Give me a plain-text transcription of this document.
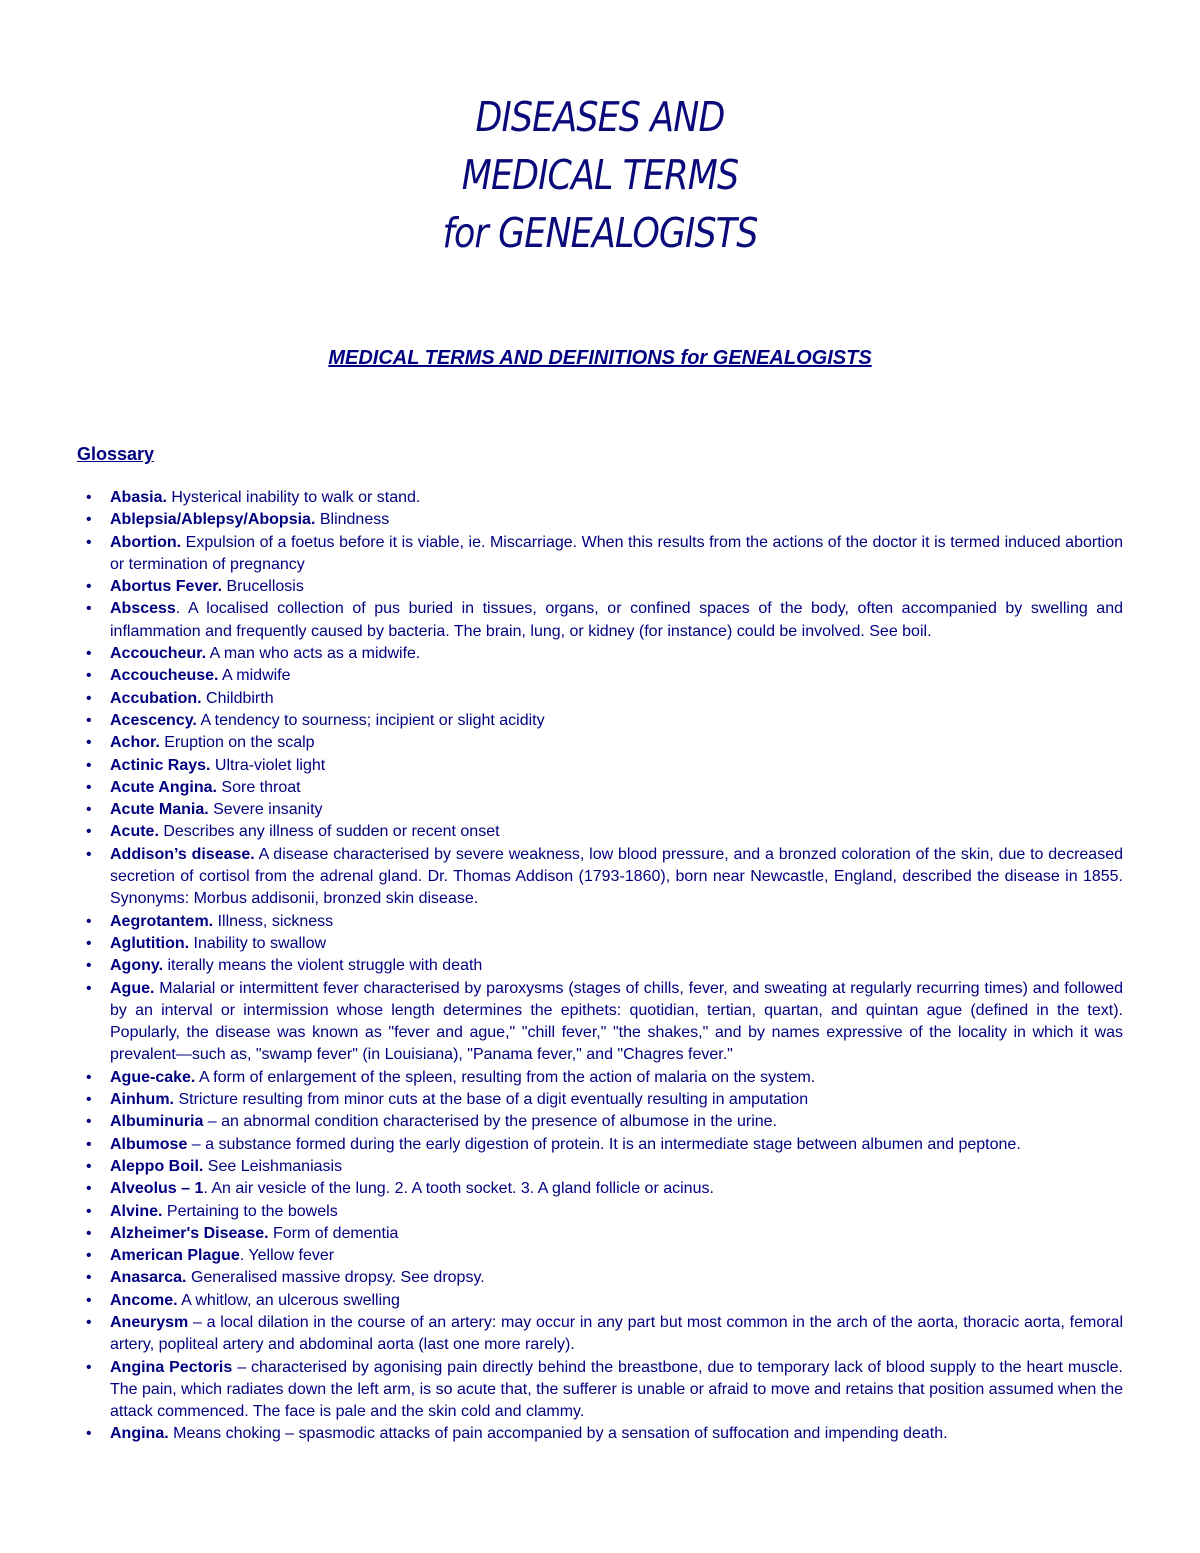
DISEASES AND
MEDICAL TERMS
for GENEALOGISTS
MEDICAL TERMS AND DEFINITIONS for GENEALOGISTS
Glossary
• Abasia. Hysterical inability to walk or stand.
• Ablepsia/Ablepsy/Abopsia. Blindness
• Abortion. Expulsion of a foetus before it is viable, ie. Miscarriage. When this results from the actions of the doctor it is termed induced abortion or termination of pregnancy
• Abortus Fever. Brucellosis
• Abscess. A localised collection of pus buried in tissues, organs, or confined spaces of the body, often accompanied by swelling and inflammation and frequently caused by bacteria. The brain, lung, or kidney (for instance) could be involved. See boil.
• Accoucheur. A man who acts as a midwife.
• Accoucheuse. A midwife
• Accubation. Childbirth
• Acescency. A tendency to sourness; incipient or slight acidity
• Achor. Eruption on the scalp
• Actinic Rays. Ultra-violet light
• Acute Angina. Sore throat
• Acute Mania. Severe insanity
• Acute. Describes any illness of sudden or recent onset
• Addison’s disease. A disease characterised by severe weakness, low blood pressure, and a bronzed coloration of the skin, due to decreased secretion of cortisol from the adrenal gland. Dr. Thomas Addison (1793-1860), born near Newcastle, England, described the disease in 1855. Synonyms: Morbus addisonii, bronzed skin disease.
• Aegrotantem. Illness, sickness
• Aglutition. Inability to swallow
• Agony. iterally means the violent struggle with death
• Ague. Malarial or intermittent fever characterised by paroxysms (stages of chills, fever, and sweating at regularly recurring times) and followed by an interval or intermission whose length determines the epithets: quotidian, tertian, quartan, and quintan ague (defined in the text). Popularly, the disease was known as "fever and ague," "chill fever," "the shakes," and by names expressive of the locality in which it was prevalent—such as, "swamp fever" (in Louisiana), "Panama fever," and "Chagres fever."
• Ague-cake. A form of enlargement of the spleen, resulting from the action of malaria on the system.
• Ainhum. Stricture resulting from minor cuts at the base of a digit eventually resulting in amputation
• Albuminuria – an abnormal condition characterised by the presence of albumose in the urine.
• Albumose – a substance formed during the early digestion of protein. It is an intermediate stage between albumen and peptone.
• Aleppo Boil. See Leishmaniasis
• Alveolus – 1. An air vesicle of the lung. 2. A tooth socket. 3. A gland follicle or acinus.
• Alvine. Pertaining to the bowels
• Alzheimer's Disease. Form of dementia
• American Plague. Yellow fever
• Anasarca. Generalised massive dropsy. See dropsy.
• Ancome. A whitlow, an ulcerous swelling
• Aneurysm – a local dilation in the course of an artery: may occur in any part but most common in the arch of the aorta, thoracic aorta, femoral artery, popliteal artery and abdominal aorta (last one more rarely).
• Angina Pectoris – characterised by agonising pain directly behind the breastbone, due to temporary lack of blood supply to the heart muscle. The pain, which radiates down the left arm, is so acute that, the sufferer is unable or afraid to move and retains that position assumed when the attack commenced. The face is pale and the skin cold and clammy.
• Angina. Means choking – spasmodic attacks of pain accompanied by a sensation of suffocation and impending death.
